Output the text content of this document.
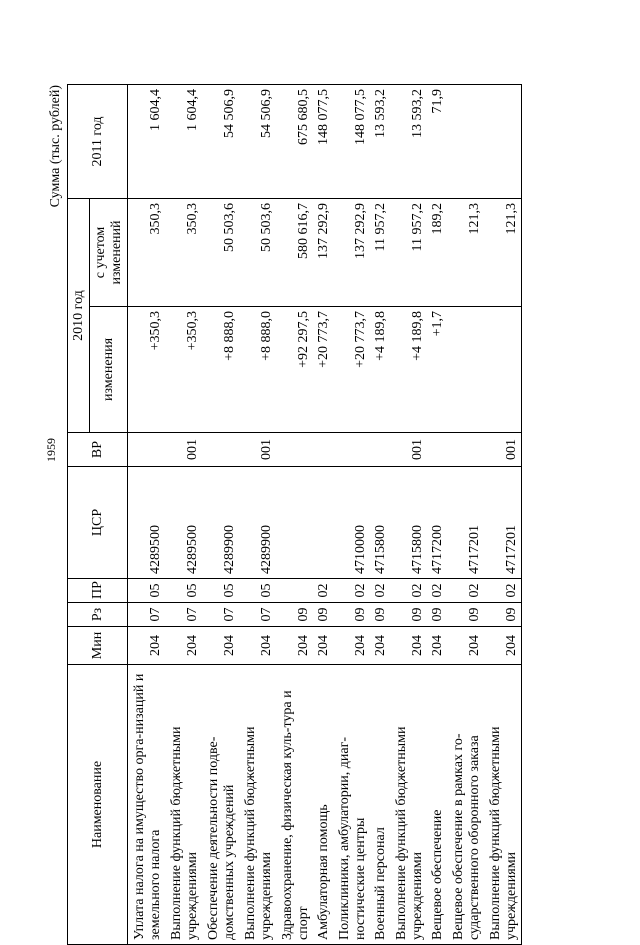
1959
Сумма (тыс. рублей)
Наименование	Мин	Рз	ПР	ЦСР	ВР	2010 год		2011 год
						изменения	с учетом изменений	
Уплата налога на имущество орга-низаций и земельного налога	204	07	05	4289500		+350,3	350,3	1 604,4
Выполнение функций бюджетными учреждениями	204	07	05	4289500	001	+350,3	350,3	1 604,4
Обеспечение деятельности подве-домственных учреждений	204	07	05	4289900		+8 888,0	50 503,6	54 506,9
Выполнение функций бюджетными учреждениями	204	07	05	4289900	001	+8 888,0	50 503,6	54 506,9
Здравоохранение, физическая куль-тура и спорт	204	09				+92 297,5	580 616,7	675 680,5
Амбулаторная помощь	204	09	02			+20 773,7	137 292,9	148 077,5
Поликлиники, амбулатории, диаг-ностические центры	204	09	02	4710000		+20 773,7	137 292,9	148 077,5
Военный персонал	204	09	02	4715800		+4 189,8	11 957,2	13 593,2
Выполнение функций бюджетными учреждениями	204	09	02	4715800	001	+4 189,8	11 957,2	13 593,2
Вещевое обеспечение	204	09	02	4717200		+1,7	189,2	71,9
Вещевое обеспечение в рамках го-сударственного оборонного заказа	204	09	02	4717201			121,3	
Выполнение функций бюджетными учреждениями	204	09	02	4717201	001		121,3	
